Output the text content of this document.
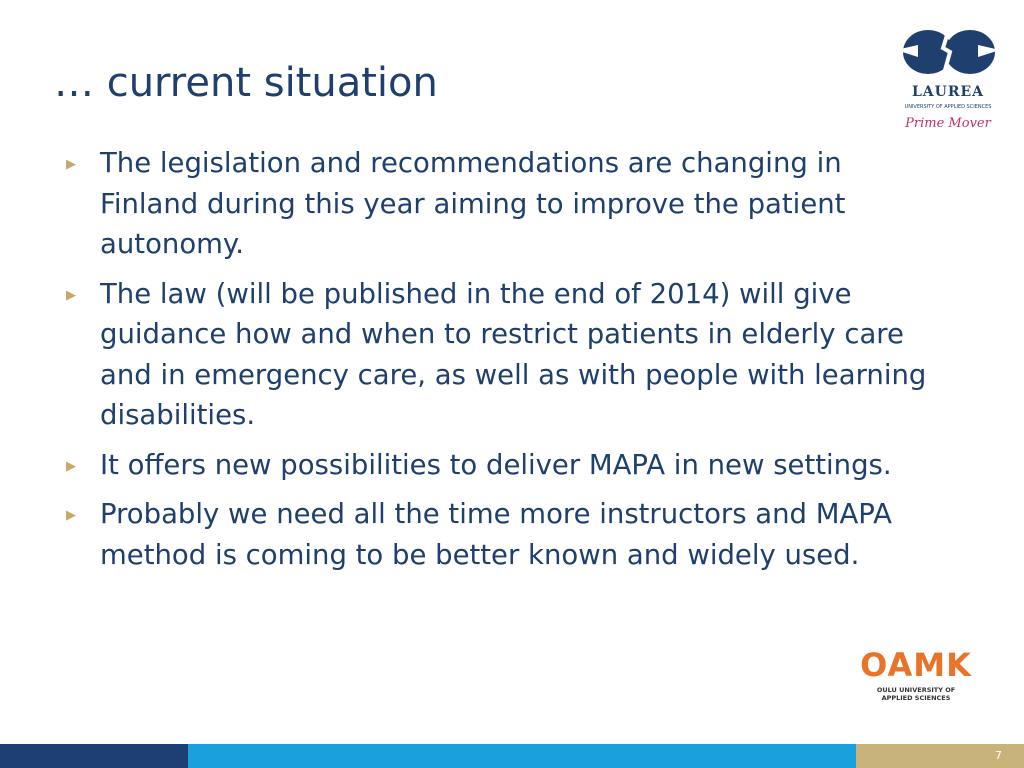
… current situation
▶ The legislation and recommendations are changing in Finland during this year aiming to improve the patient autonomy.
▶ The law (will be published in the end of 2014) will give guidance how and when to restrict patients in elderly care and in emergency care, as well as with people with learning disabilities.
▶ It offers new possibilities to deliver MAPA in new settings.
▶ Probably we need all the time more instructors and MAPA method is coming to be better known and widely used.
LAUREA
UNIVERSITY OF APPLIED SCIENCES
Prime Mover
OAMK
OULU UNIVERSITY OF
APPLIED SCIENCES
7
